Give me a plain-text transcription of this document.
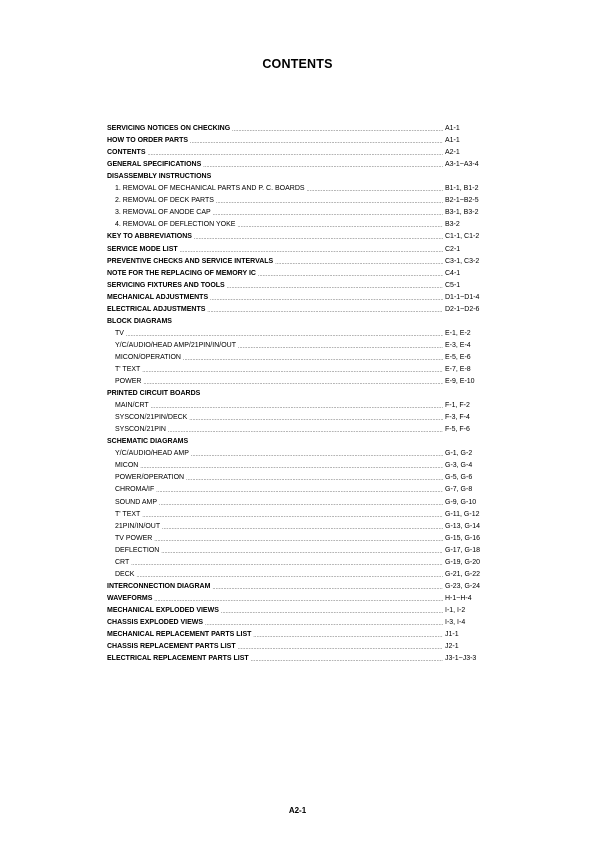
CONTENTS
SERVICING NOTICES ON CHECKING .....	A1-1
HOW TO ORDER PARTS .....	A1-1
CONTENTS .....	A2-1
GENERAL SPECIFICATIONS .....	A3-1~A3-4
DISASSEMBLY INSTRUCTIONS
1. REMOVAL OF MECHANICAL PARTS AND P. C. BOARDS .....	B1-1, B1-2
2. REMOVAL OF DECK PARTS .....	B2-1~B2-5
3. REMOVAL OF ANODE CAP .....	B3-1, B3-2
4. REMOVAL OF DEFLECTION YOKE .....	B3-2
KEY TO ABBREVIATIONS .....	C1-1, C1-2
SERVICE MODE LIST .....	C2-1
PREVENTIVE CHECKS AND SERVICE INTERVALS .....	C3-1, C3-2
NOTE FOR THE REPLACING OF MEMORY IC .....	C4-1
SERVICING FIXTURES AND TOOLS .....	C5-1
MECHANICAL ADJUSTMENTS .....	D1-1~D1-4
ELECTRICAL ADJUSTMENTS .....	D2-1~D2-6
BLOCK DIAGRAMS
TV .....	E-1, E-2
Y/C/AUDIO/HEAD AMP/21PIN/IN/OUT .....	E-3, E-4
MICON/OPERATION .....	E-5, E-6
T' TEXT .....	E-7, E-8
POWER .....	E-9, E-10
PRINTED CIRCUIT BOARDS
MAIN/CRT .....	F-1, F-2
SYSCON/21PIN/DECK .....	F-3, F-4
SYSCON/21PIN .....	F-5, F-6
SCHEMATIC DIAGRAMS
Y/C/AUDIO/HEAD AMP .....	G-1, G-2
MICON .....	G-3, G-4
POWER/OPERATION .....	G-5, G-6
CHROMA/IF .....	G-7, G-8
SOUND AMP .....	G-9, G-10
T' TEXT .....	G-11, G-12
21PIN/IN/OUT .....	G-13, G-14
TV POWER .....	G-15, G-16
DEFLECTION .....	G-17, G-18
CRT .....	G-19, G-20
DECK .....	G-21, G-22
INTERCONNECTION DIAGRAM .....	G-23, G-24
WAVEFORMS .....	H-1~H-4
MECHANICAL EXPLODED VIEWS .....	I-1, I-2
CHASSIS EXPLODED VIEWS .....	I-3, I-4
MECHANICAL REPLACEMENT PARTS LIST .....	J1-1
CHASSIS REPLACEMENT PARTS LIST .....	J2-1
ELECTRICAL REPLACEMENT PARTS LIST .....	J3-1~J3-3
A2-1
